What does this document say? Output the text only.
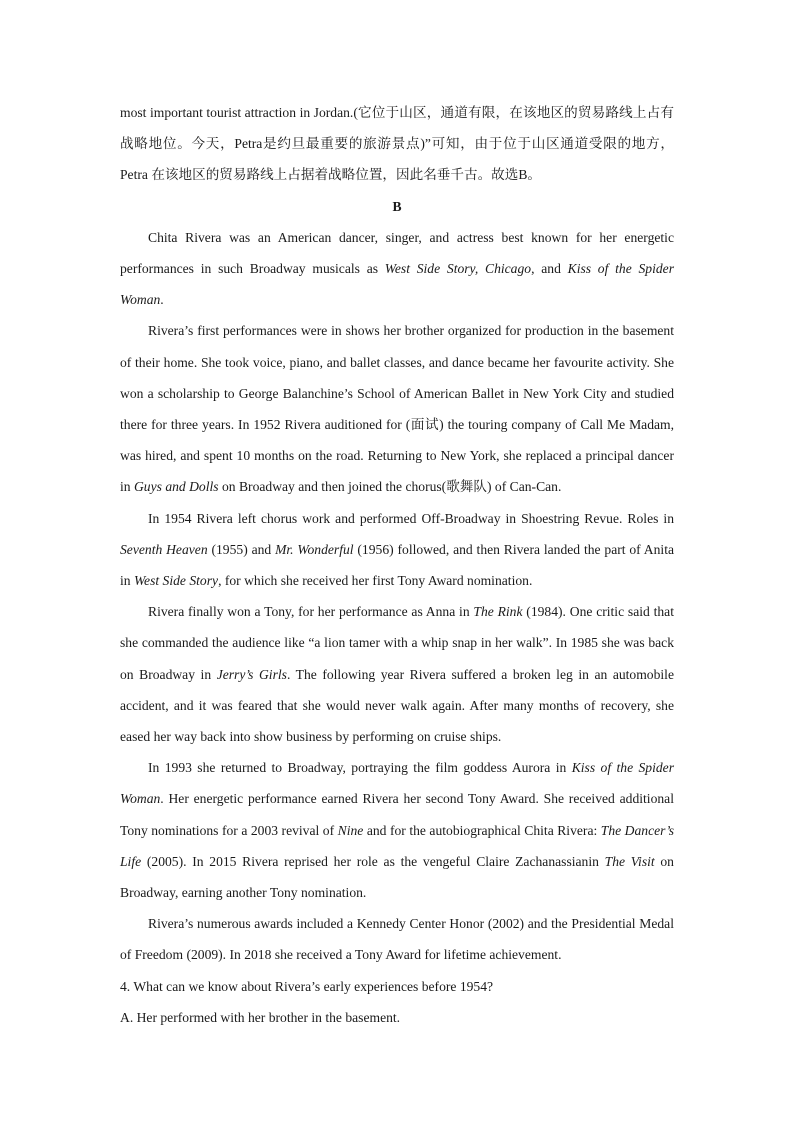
most important tourist attraction in Jordan.(它位于山区，通道有限，在该地区的贸易路线上占有战略地位。今天，Petra是约旦最重要的旅游景点)”可知，由于位于山区通道受限的地方，Petra 在该地区的贸易路线上占据着战略位置，因此名垂千古。故选B。

B

Chita Rivera was an American dancer, singer, and actress best known for her energetic performances in such Broadway musicals as West Side Story, Chicago, and Kiss of the Spider Woman.

Rivera’s first performances were in shows her brother organized for production in the basement of their home. She took voice, piano, and ballet classes, and dance became her favourite activity. She won a scholarship to George Balanchine’s School of American Ballet in New York City and studied there for three years. In 1952 Rivera auditioned for (面试) the touring company of Call Me Madam, was hired, and spent 10 months on the road. Returning to New York, she replaced a principal dancer in Guys and Dolls on Broadway and then joined the chorus(歌舞队) of Can-Can.

In 1954 Rivera left chorus work and performed Off-Broadway in Shoestring Revue. Roles in Seventh Heaven (1955) and Mr. Wonderful (1956) followed, and then Rivera landed the part of Anita in West Side Story, for which she received her first Tony Award nomination.

Rivera finally won a Tony, for her performance as Anna in The Rink (1984). One critic said that she commanded the audience like “a lion tamer with a whip snap in her walk”. In 1985 she was back on Broadway in Jerry’s Girls. The following year Rivera suffered a broken leg in an automobile accident, and it was feared that she would never walk again. After many months of recovery, she eased her way back into show business by performing on cruise ships.

In 1993 she returned to Broadway, portraying the film goddess Aurora in Kiss of the Spider Woman. Her energetic performance earned Rivera her second Tony Award. She received additional Tony nominations for a 2003 revival of Nine and for the autobiographical Chita Rivera: The Dancer’s Life (2005). In 2015 Rivera reprised her role as the vengeful Claire Zachanassianin The Visit on Broadway, earning another Tony nomination.

Rivera’s numerous awards included a Kennedy Center Honor (2002) and the Presidential Medal of Freedom (2009). In 2018 she received a Tony Award for lifetime achievement.

4. What can we know about Rivera’s early experiences before 1954?

A. Her performed with her brother in the basement.
